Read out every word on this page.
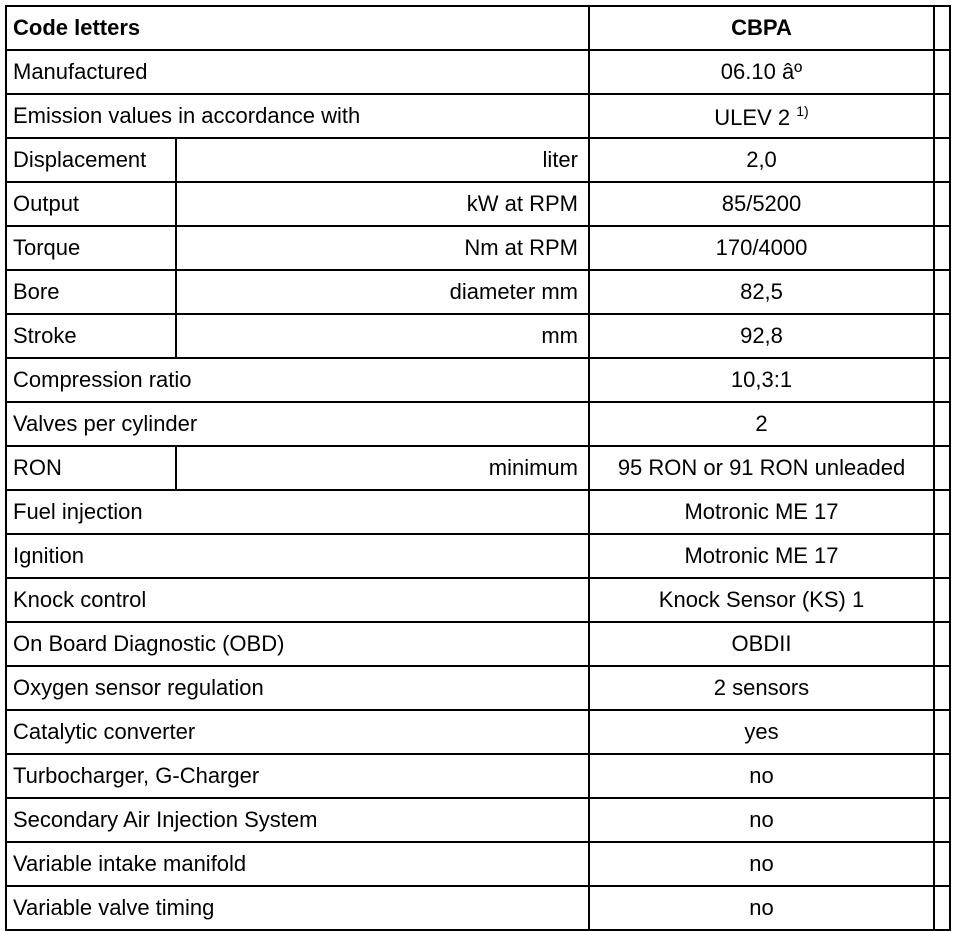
Code letters		CBPA	
Manufactured		06.10 âº	
Emission values in accordance with		ULEV 2 $^{1)}$	
Displacement	liter	2,0	
Output	kW at RPM	85/5200	
Torque	Nm at RPM	170/4000	
Bore	diameter mm	82,5	
Stroke	mm	92,8	
Compression ratio		10,3:1	
Valves per cylinder		2	
RON	minimum	95 RON or 91 RON unleaded	
Fuel injection		Motronic ME 17	
Ignition		Motronic ME 17	
Knock control		Knock Sensor (KS) 1	
On Board Diagnostic (OBD)		OBDII	
Oxygen sensor regulation		2 sensors	
Catalytic converter		yes	
Turbocharger, G-Charger		no	
Secondary Air Injection System		no	
Variable intake manifold		no	
Variable valve timing		no	
